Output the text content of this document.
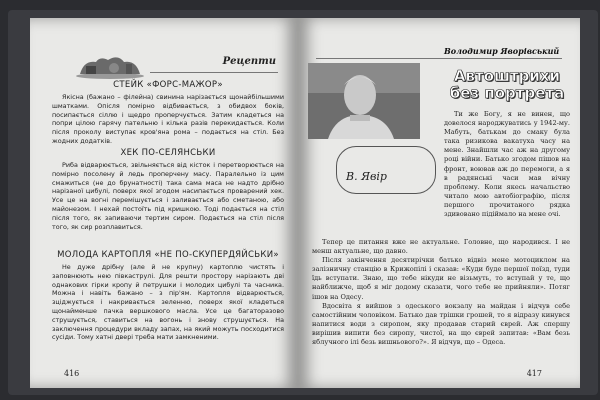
Рецепти
СТЕЙК «ФОРС-МАЖОР»

Якісна (бажано – філейна) свинина нарізається щонайбільшими шматками. Опісля помірно відбивається, з обидвох боків, посипається сіллю і щедро проперчується. Затим кладеться на попри цілою гарячу пательню і кілька разів перекидається. Коли після проколу виступає кров'яна рома – подається на стіл. Без жодних додатків.

ХЕК ПО-СЕЛЯНСЬКИ

Риба відварюється, звільняється від кісток і перетворюється на помірно посолену й ледь проперчену масу. Паралельно із цим смажиться (не до брунатності) така сама маса не надто дрібно нарізаної цибулі, поверх якої згодом насипається проварений хек. Усе це на вогні перемішується і заливається або сметаною, або майонезом. І нехай постоїть під кришкою. Тоді подається на стіл після того, як запиваючи тертим сиром. Подається на стіл після того, як сир розплавиться.

МОЛОДА КАРТОПЛЯ «НЕ ПО-СКУПЕРДЯЙСЬКИ»

Не дуже дрібну (але й не крупну) картоплю чистять і заповнюють нею півкаструлі. Для решти простору нарізають дві однакових гірки кропу й петрушки і молодих цибулі та часника. Можна і навіть бажано – з пір'ям. Картопля відварюється, зціджується і накривається зеленню, поверх якої кладеться щонайменше пачка вершкового масла. Усе це багаторазово струшується, ставиться на вогонь і знову струшується. На заключення процедури вкладу запах, на який можуть посходитися сусіди. Тому хатні двері треба мати замкненими.

416
Володимир Яворівський
В. Явір
Автоштрихи без портрета

Ти же Богу, я не винен, що довелося народжуватись у 1942-му. Мабуть, батькам до смаку була така ризикова вакатуха часу на мене. Знайшли час аж на другому році війни. Батько згодом пішов на фронт, воював аж до перемоги, а я в радянські часи мав вічну проблему. Коли якесь начальство читало мою автобіографію, після першого прочитаного рядка здивовано підіймало на мене очі.

Тепер це питання вже не актуальне. Головне, що народився. І не менш актуальне, що давно.

Після закінчення десятирічки батько відвіз мене мотоциклом на залізничну станцію в Крижопілі і сказав: «Куди буде першої поїзд, туди їдь вступати. Знаю, що тебе нікуди не візьмуть, то вступай у те, що найближче, щоб я міг додому сказати, чого тебе не прийняли». Потяг ішов на Одесу.

Вдосвіта я вийшов з одеського вокзалу на майдан і відчув себе самостійним чоловіком. Батько дав трішки грошей, то я відразу кинувся напитися води з сиропом, яку продавав старий єврей. Аж спершу вирішив випити без сиропу, чистої, на що єврей запитав: «Вам безь яблучного ілі безь вишньового?». Я відчув, що – Одеса.

417
